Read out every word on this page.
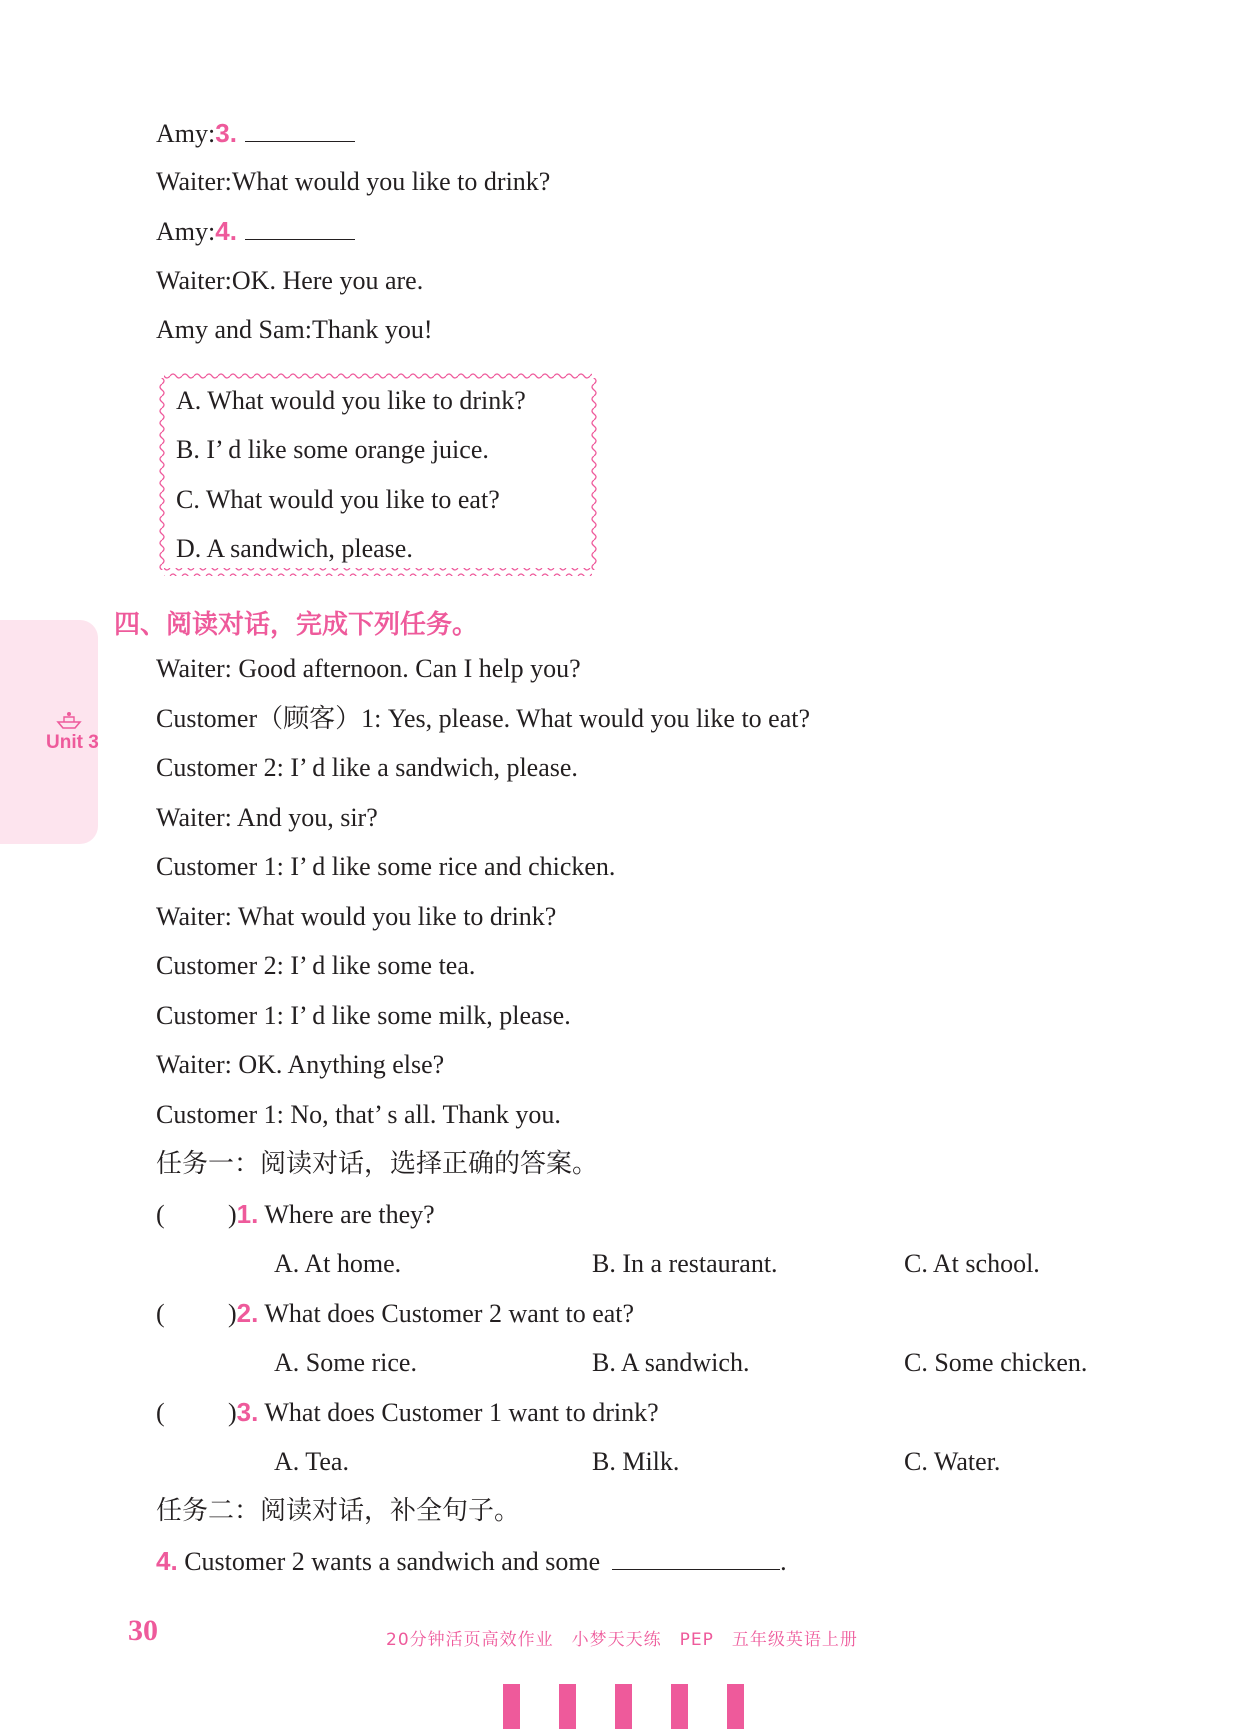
Amy:3.
Waiter:What would you like to drink?
Amy:4.
Waiter:OK. Here you are.
Amy and Sam:Thank you!
A. What would you like to drink?
B. I’ d like some orange juice.
C. What would you like to eat?
D. A sandwich, please.
Unit 3
四、阅读对话，完成下列任务。
Waiter: Good afternoon. Can I help you?
Customer（顾客）1: Yes, please. What would you like to eat?
Customer 2: I’ d like a sandwich, please.
Waiter: And you, sir?
Customer 1: I’ d like some rice and chicken.
Waiter: What would you like to drink?
Customer 2: I’ d like some tea.
Customer 1: I’ d like some milk, please.
Waiter: OK. Anything else?
Customer 1: No, that’ s all. Thank you.
任务一：阅读对话，选择正确的答案。
( )1. Where are they?
A. At home.	B. In a restaurant.	C. At school.
( )2. What does Customer 2 want to eat?
A. Some rice.	B. A sandwich.	C. Some chicken.
( )3. What does Customer 1 want to drink?
A. Tea.	B. Milk.	C. Water.
任务二：阅读对话，补全句子。
4. Customer 2 wants a sandwich and some	.
30	20分钟活页高效作业　小梦天天练　PEP　五年级英语上册
